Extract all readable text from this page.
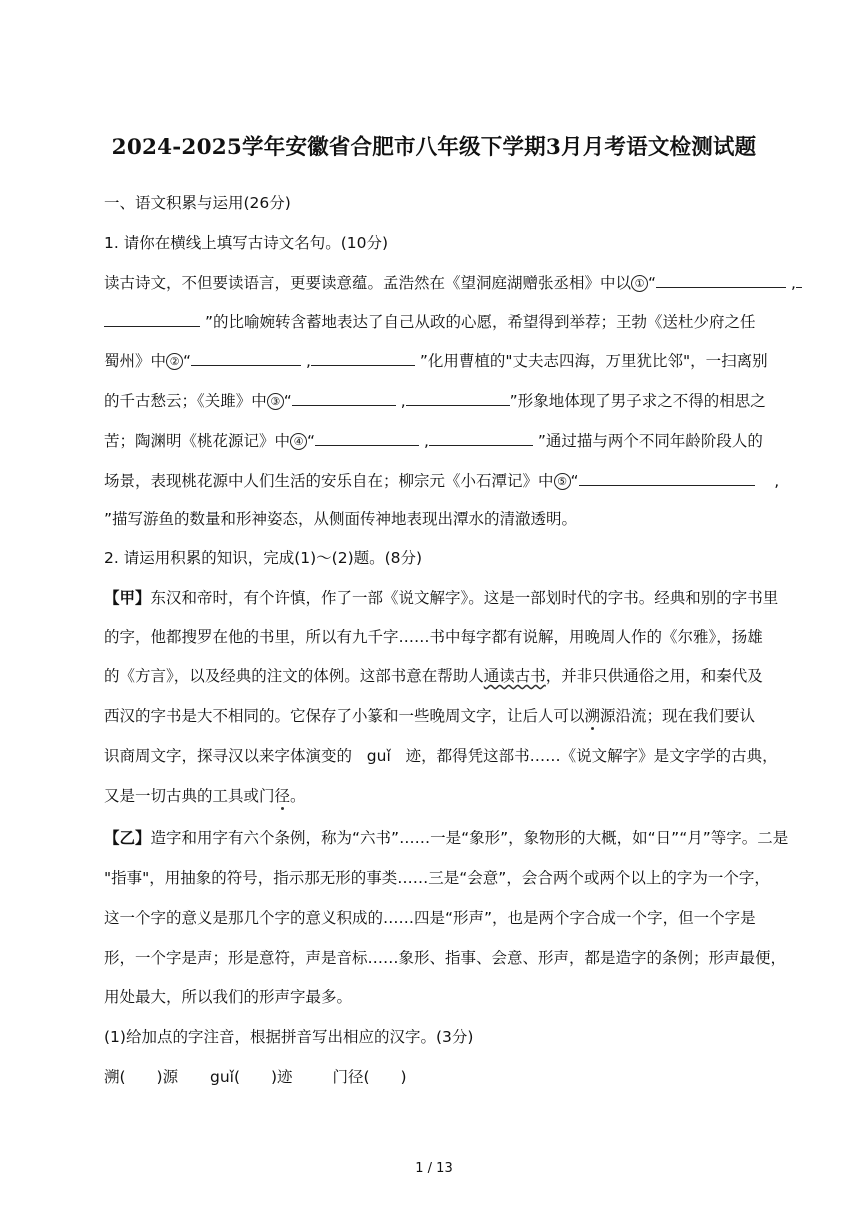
2024-2025学年安徽省合肥市八年级下学期3月月考语文检测试题
一、语文积累与运用(26分)
1. 请你在横线上填写古诗文名句。(10分)
读古诗文，不但要读语言，更要读意蕴。孟浩然在《望洞庭湖赠张丞相》中以 ① “	,
”的比喻婉转含蓄地表达了自己从政的心愿，希望得到举荐；王勃《送杜少府之任
蜀州》中 ② “	,	”化用曹植的"丈夫志四海，万里犹比邻"，一扫离别
的千古愁云；《关雎》中 ③ “	,	”形象地体现了男子求之不得的相思之
苦；陶渊明《桃花源记》中 ④ “	,	”通过描与两个不同年龄阶段人的
场景，表现桃花源中人们生活的安乐自在；柳宗元《小石潭记》中 ⑤ “	,
”描写游鱼的数量和形神姿态，从侧面传神地表现出潭水的清澈透明。
2. 请运用积累的知识，完成(1)～(2)题。(8分)
【甲】东汉和帝时，有个许慎，作了一部《说文解字》。这是一部划时代的字书。经典和别的字书里
的字，他都搜罗在他的书里，所以有九千字……书中每字都有说解，用晚周人作的《尔雅》，扬雄
的《方言》，以及经典的注文的体例。这部书意在帮助人通读古书，并非只供通俗之用，和秦代及
西汉的字书是大不相同的。它保存了小篆和一些晚周文字，让后人可以溯源沿流；现在我们要认
识商周文字，探寻汉以来字体演变的 guǐ 迹，都得凭这部书……《说文解字》是文字学的古典，
又是一切古典的工具或门径。
【乙】造字和用字有六个条例，称为“六书”……一是“象形”，象物形的大概，如“日”“月”等字。二是
"指事"，用抽象的符号，指示那无形的事类……三是“会意”，会合两个或两个以上的字为一个字，
这一个字的意义是那几个字的意义积成的……四是“形声”，也是两个字合成一个字，但一个字是
形，一个字是声；形是意符，声是音标……象形、指事、会意、形声，都是造字的条例；形声最便，
用处最大，所以我们的形声字最多。
(1)给加点的字注音，根据拼音写出相应的汉字。(3分)
溯(　　)源 guǐ(　　)迹	门径(　　)
1 / 13
